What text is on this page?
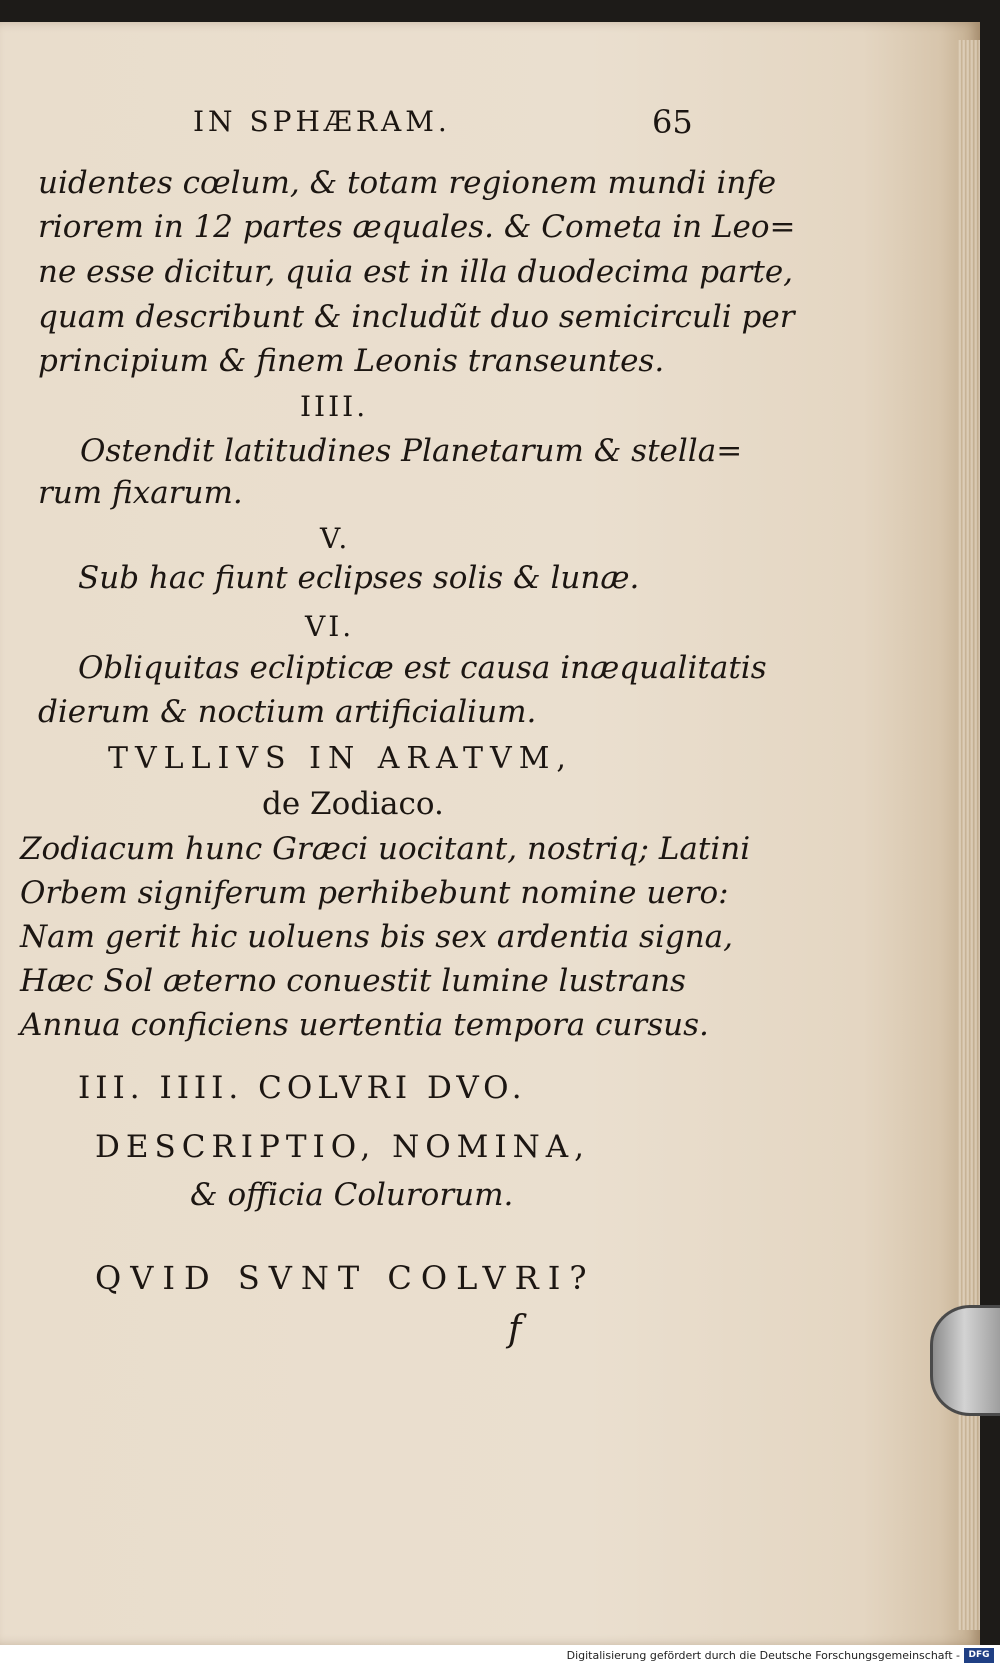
IN SPHÆRAM.	65
uidentes cœlum, & totam regionem mundi infe
riorem in 12 partes æquales. & Cometa in Leo=
ne esse dicitur, quia est in illa duodecima parte,
quam describunt & includũt duo semicirculi per
principium & finem Leonis transeuntes.
IIII.
Ostendit latitudines Planetarum & stella=
rum fixarum.
V.
Sub hac fiunt eclipses solis & lunæ.
VI.
Obliquitas eclipticæ est causa inæqualitatis
dierum & noctium artificialium.
TVLLIVS IN ARATVM,
de Zodiaco.
Zodiacum hunc Græci uocitant, nostriq; Latini
Orbem signiferum perhibebunt nomine uero:
Nam gerit hic uoluens bis sex ardentia signa,
Hæc Sol æterno conuestit lumine lustrans
Annua conficiens uertentia tempora cursus.
III. IIII. COLVRI DVO.
DESCRIPTIO, NOMINA,
& officia Colurorum.
QVID SVNT COLVRI?
f
Digitalisierung gefördert durch die Deutsche Forschungsgemeinschaft - DFG
